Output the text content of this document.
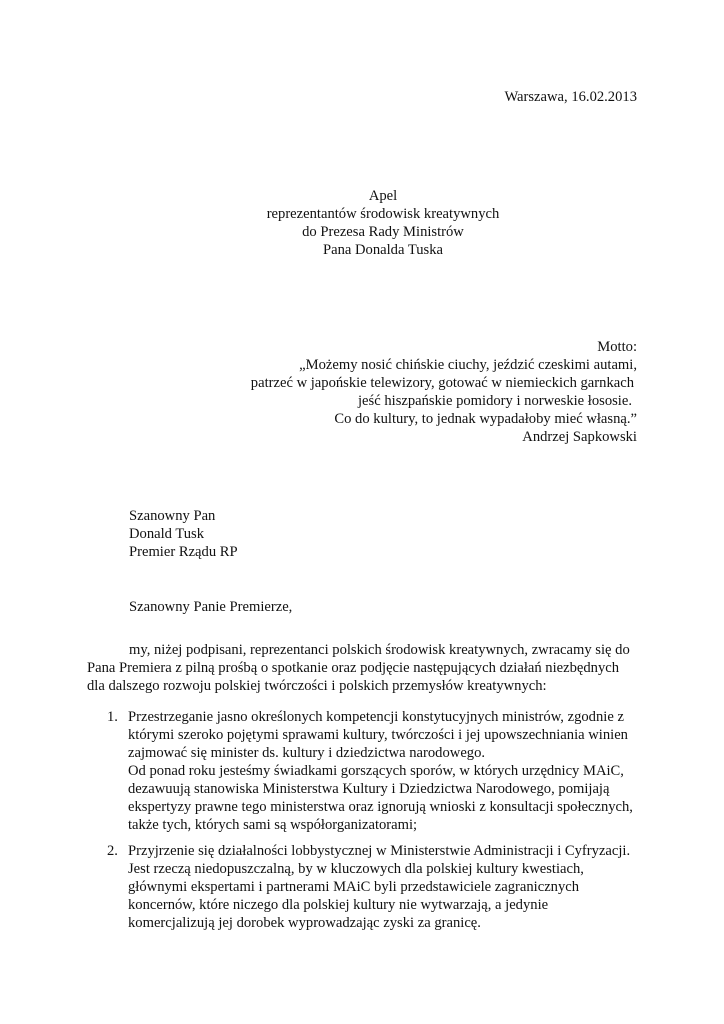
Warszawa, 16.02.2013
Apel
reprezentantów środowisk kreatywnych
do Prezesa Rady Ministrów
Pana Donalda Tuska
Motto:
„Możemy nosić chińskie ciuchy, jeździć czeskimi autami,
patrzeć w japońskie telewizory, gotować w niemieckich garnkach
jeść hiszpańskie pomidory i norweskie łososie.
Co do kultury, to jednak wypadałoby mieć własną.”
Andrzej Sapkowski
Szanowny Pan
Donald Tusk
Premier Rządu RP
Szanowny Panie Premierze,
my, niżej podpisani, reprezentanci polskich środowisk kreatywnych, zwracamy się do
Pana Premiera z pilną prośbą o spotkanie oraz podjęcie następujących działań niezbędnych
dla dalszego rozwoju polskiej twórczości i polskich przemysłów kreatywnych:
1. Przestrzeganie jasno określonych kompetencji konstytucyjnych ministrów, zgodnie z
którymi szeroko pojętymi sprawami kultury, twórczości i jej upowszechniania winien
zajmować się minister ds. kultury i dziedzictwa narodowego.
Od ponad roku jesteśmy świadkami gorszących sporów, w których urzędnicy MAiC,
dezawuują stanowiska Ministerstwa Kultury i Dziedzictwa Narodowego, pomijają
ekspertyzy prawne tego ministerstwa oraz ignorują wnioski z konsultacji społecznych,
także tych, których sami są współorganizatorami;
2. Przyjrzenie się działalności lobbystycznej w Ministerstwie Administracji i Cyfryzacji.
Jest rzeczą niedopuszczalną, by w kluczowych dla polskiej kultury kwestiach,
głównymi ekspertami i partnerami MAiC byli przedstawiciele zagranicznych
koncernów, które niczego dla polskiej kultury nie wytwarzają, a jedynie
komercjalizują jej dorobek wyprowadzając zyski za granicę.
